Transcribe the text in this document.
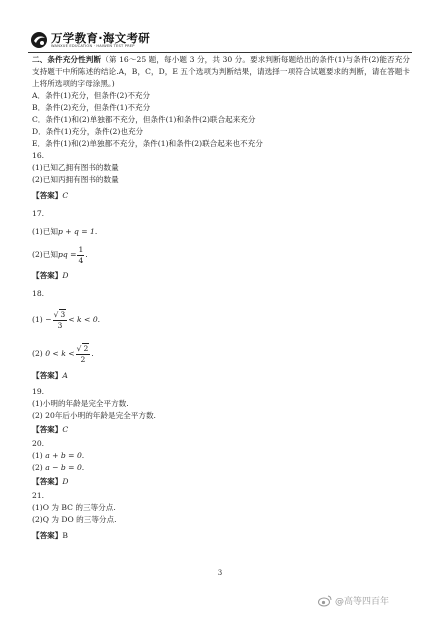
万学教育·海文考研
WANXUE EDUCATION · HAIWEN TEST PREP

二、条件充分性判断（第 16～25 题，每小题 3 分，共 30 分。要求判断每题给出的条件(1)与条件(2)能否充分支持题干中所陈述的结论.A，B，C，D，E 五个选项为判断结果，请选择一项符合试题要求的判断，请在答题卡上将所选项的字母涂黑。)

A．条件(1)充分，但条件(2)不充分

B．条件(2)充分，但条件(1)不充分

C．条件(1)和(2)单独都不充分，但条件(1)和条件(2)联合起来充分

D．条件(1)充分，条件(2)也充分

E．条件(1)和(2)单独都不充分，条件(1)和条件(2)联合起来也不充分

16.

(1)已知乙拥有图书的数量

(2)已知丙拥有图书的数量

【答案】C

17.

(1)已知p + q = 1.

(2)已知pq = $\frac{1}{4}$ .

【答案】D

18.

$(1) - \frac{√ 3}{3} < k < 0$.

(2) $0 < k < \frac{√ 2}{2}$ .

【答案】A

19.

(1)小明的年龄是完全平方数.

(2) 20年后小明的年龄是完全平方数.

【答案】C

20.

(1) a + b = 0.

(2) a − b = 0.

【答案】D

21.

(1)O 为 BC 的三等分点.

(2)Q 为 DO 的三等分点.

【答案】B

3
@高等四百年
